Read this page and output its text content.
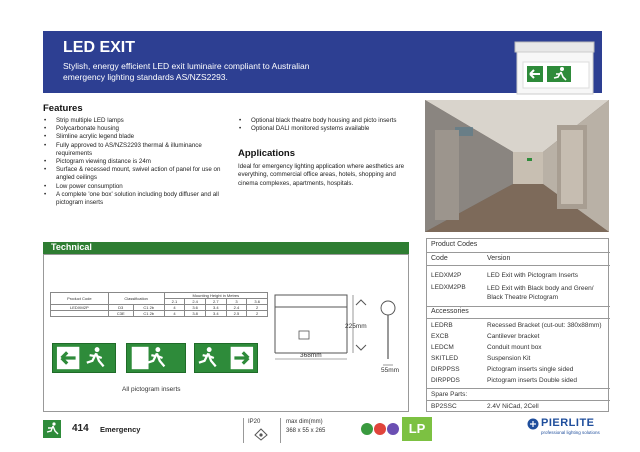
LED EXIT

Stylish, energy efficient LED exit luminaire compliant to Australian emergency lighting standards AS/NZS2293.

Features
• Strip multiple LED lamps
• Polycarbonate housing
• Slimline acrylic legend blade
• Fully approved to AS/NZS2293 thermal & illuminance requirements
• Pictogram viewing distance is 24m
• Surface & recessed mount, swivel action of panel for use on angled ceilings
• Low power consumption
• A complete 'one box' solution including body diffuser and all pictogram inserts
• Optional black theatre body housing and picto inserts
• Optional DALI monitored systems available
Applications
Ideal for emergency lighting application where aesthetics are everything, commercial office areas, hotels, shopping and cinema complexes, apartments, hospitals.
Technical
Product Code	Classification		Mounting Height in Metres				
			2.1	2.4	2.7	3	3.6
LEDXM2P	D3	C1 2b	4	3.6	3.4	2.4	2
	C3E	C1 2b	4	3.8	3.4	2.5	2
All pictogram inserts
368mm
225mm
55mm
Product Codes
Code	Version
LEDXM2P	LED Exit with Pictogram Inserts
LEDXM2PB	LED Exit with Black body and Green/ Black Theatre Pictogram
Accessories
LEDRB	Recessed Bracket (cut-out: 380x88mm)
EXCB	Cantilever bracket
LEDCM	Conduit mount box
SKITLED	Suspension Kit
DIRPPSS	Pictogram inserts single sided
DIRPPDS	Pictogram inserts Double sided
Spare Parts:
BP2SSC	2.4V NiCad, 2Cell
414 Emergency
IP20	max dim(mm)
368 x 55 x 265	LP	PIERLITE
professional lighting solutions
